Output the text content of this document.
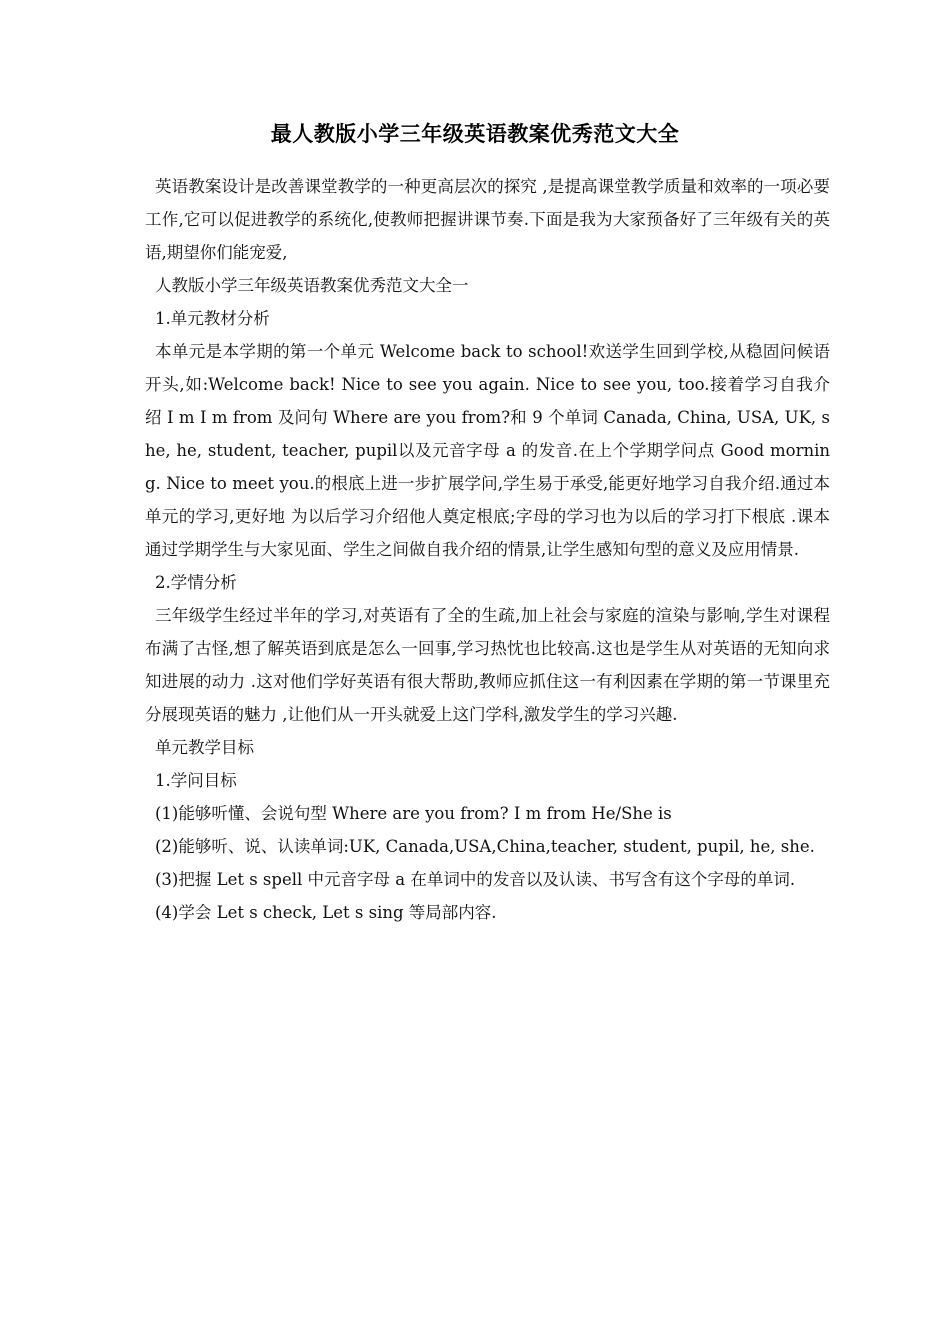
最人教版小学三年级英语教案优秀范文大全

英语教案设计是改善课堂教学的一种更高层次的探究 ,是提高课堂教学质量和效率的一项必要工作,它可以促进教学的系统化,使教师把握讲课节奏.下面是我为大家预备好了三年级有关的英语,期望你们能宠爱,

人教版小学三年级英语教案优秀范文大全一

1.单元教材分析

本单元是本学期的第一个单元 Welcome back to school!欢送学生回到学校,从稳固问候语开头,如:Welcome back! Nice to see you again. Nice to see you, too.接着学习自我介绍 I m I m from 及问句 Where are you from?和 9 个单词 Canada, China, USA, UK, she, he, student, teacher, pupil以及元音字母 a 的发音.在上个学期学问点 Good morning. Nice to meet you.的根底上进一步扩展学问,学生易于承受,能更好地学习自我介绍.通过本单元的学习,更好地 为以后学习介绍他人奠定根底;字母的学习也为以后的学习打下根底 .课本通过学期学生与大家见面、学生之间做自我介绍的情景,让学生感知句型的意义及应用情景.

2.学情分析

三年级学生经过半年的学习,对英语有了全的生疏,加上社会与家庭的渲染与影响,学生对课程布满了古怪,想了解英语到底是怎么一回事,学习热忱也比较高.这也是学生从对英语的无知向求知进展的动力 .这对他们学好英语有很大帮助,教师应抓住这一有利因素在学期的第一节课里充分展现英语的魅力 ,让他们从一开头就爱上这门学科,激发学生的学习兴趣.

单元教学目标

1.学问目标

(1)能够听懂、会说句型 Where are you from? I m from He/She is

(2)能够听、说、认读单词:UK, Canada,USA,China,teacher, student, pupil, he, she.

(3)把握 Let s spell 中元音字母 a 在单词中的发音以及认读、书写含有这个字母的单词.

(4)学会 Let s check, Let s sing 等局部内容.
